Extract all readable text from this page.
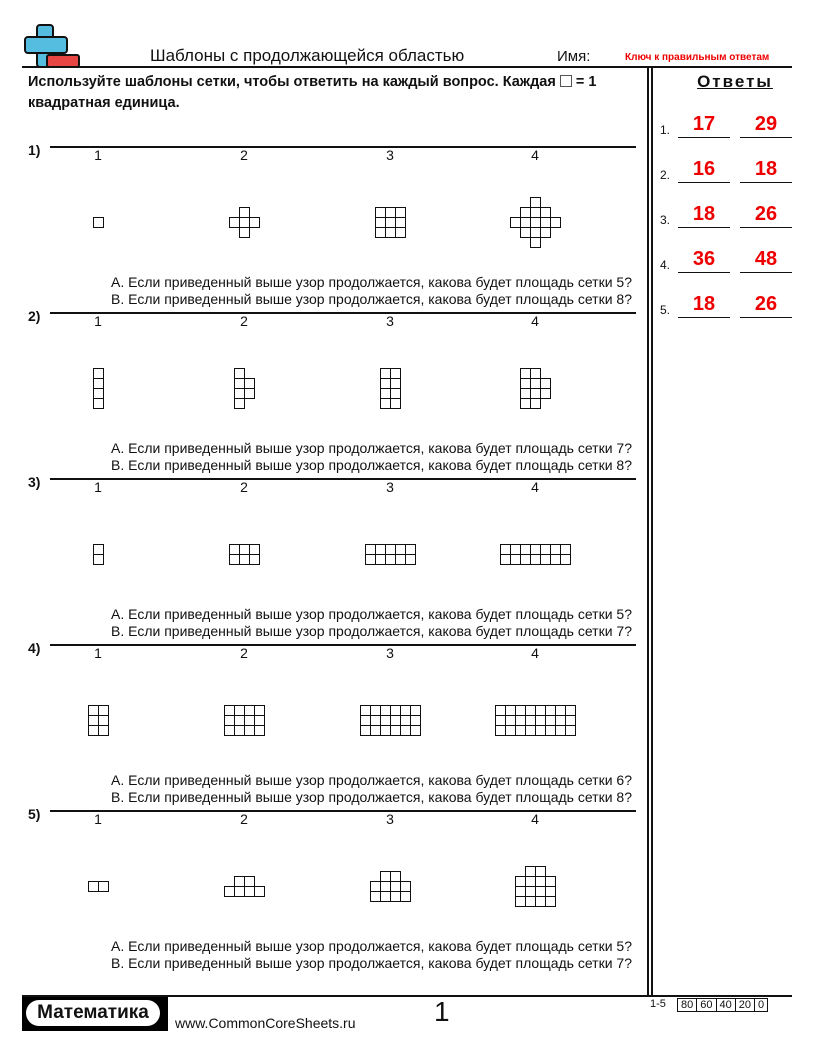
Шаблоны с продолжающейся областью	Имя:	Ключ к правильным ответам
Используйте шаблоны сетки, чтобы ответить на каждый вопрос. Каждая = 1 квадратная единица.
Ответы
Математика	www.CommonCoreSheets.ru	1	1-5 80 60 40 20 0
1)	1	2	3	4
A. Если приведенный выше узор продолжается, какова будет площадь сетки 5?
B. Если приведенный выше узор продолжается, какова будет площадь сетки 8?
2)	1	2	3	4
A. Если приведенный выше узор продолжается, какова будет площадь сетки 7?
B. Если приведенный выше узор продолжается, какова будет площадь сетки 8?
3)	1	2	3	4
A. Если приведенный выше узор продолжается, какова будет площадь сетки 5?
B. Если приведенный выше узор продолжается, какова будет площадь сетки 7?
4)	1	2	3	4
A. Если приведенный выше узор продолжается, какова будет площадь сетки 6?
B. Если приведенный выше узор продолжается, какова будет площадь сетки 8?
5)	1	2	3	4
A. Если приведенный выше узор продолжается, какова будет площадь сетки 5?
B. Если приведенный выше узор продолжается, какова будет площадь сетки 7?
1.	17	29
2.	16	18
3.	18	26
4.	36	48
5.	18	26
